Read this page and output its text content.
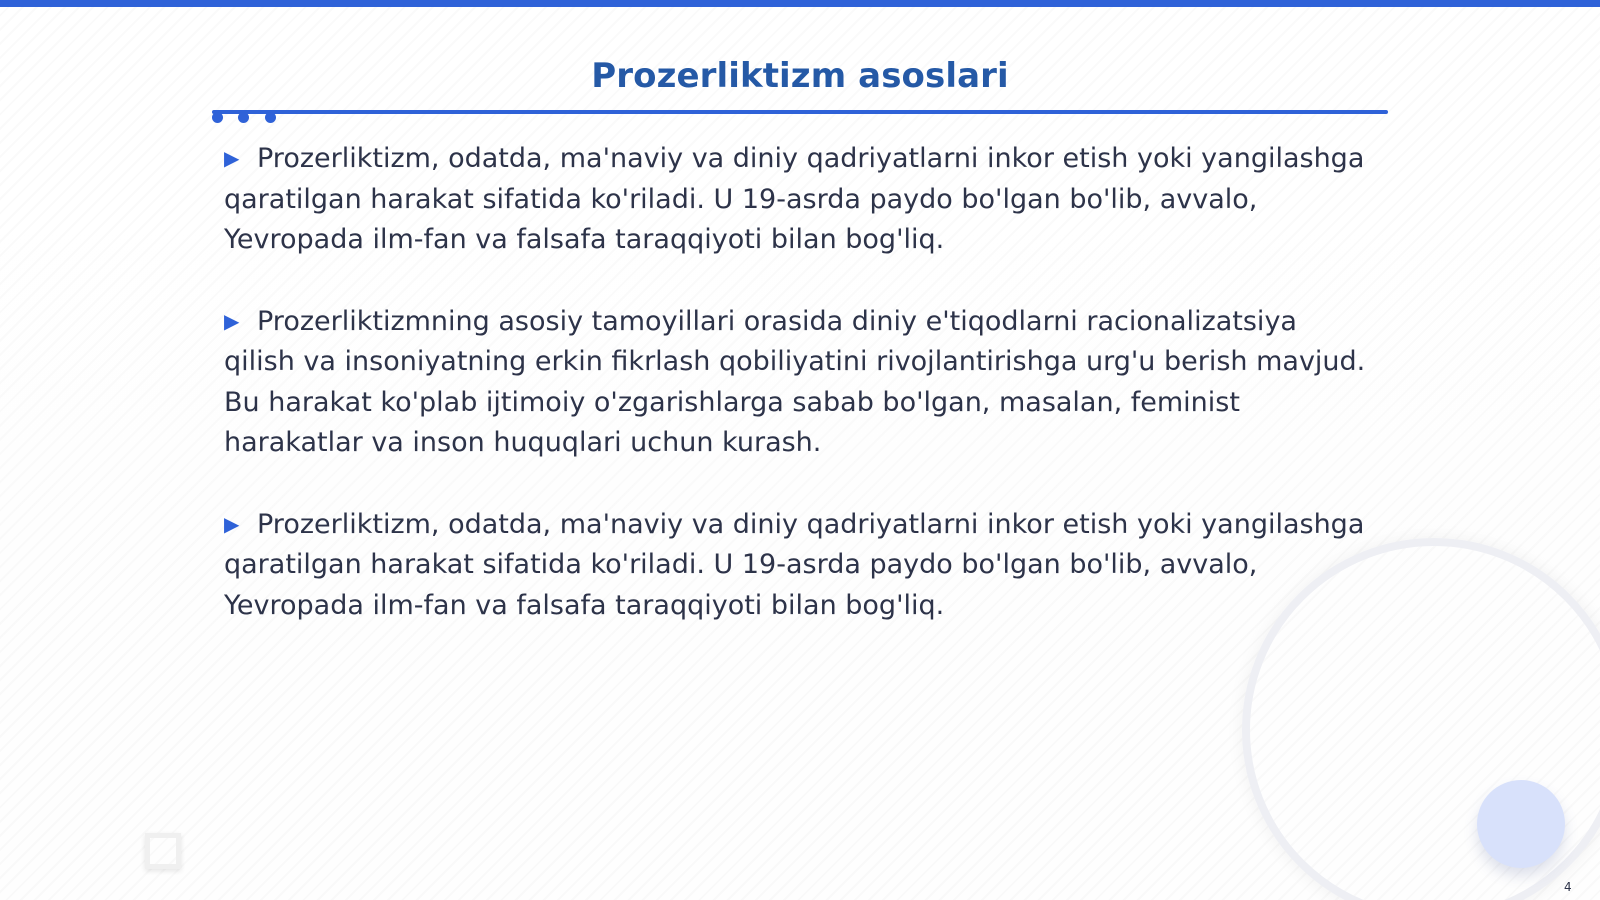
Prozerliktizm asoslari
▶ Prozerliktizm, odatda, ma'naviy va diniy qadriyatlarni inkor etish yoki yangilashga qaratilgan harakat sifatida ko'riladi. U 19-asrda paydo bo'lgan bo'lib, avvalo, Yevropada ilm-fan va falsafa taraqqiyoti bilan bog'liq.
▶ Prozerliktizmning asosiy tamoyillari orasida diniy e'tiqodlarni racionalizatsiya qilish va insoniyatning erkin fikrlash qobiliyatini rivojlantirishga urg'u berish mavjud. Bu harakat ko'plab ijtimoiy o'zgarishlarga sabab bo'lgan, masalan, feminist harakatlar va inson huquqlari uchun kurash.
▶ Prozerliktizm, odatda, ma'naviy va diniy qadriyatlarni inkor etish yoki yangilashga qaratilgan harakat sifatida ko'riladi. U 19-asrda paydo bo'lgan bo'lib, avvalo, Yevropada ilm-fan va falsafa taraqqiyoti bilan bog'liq.
4
